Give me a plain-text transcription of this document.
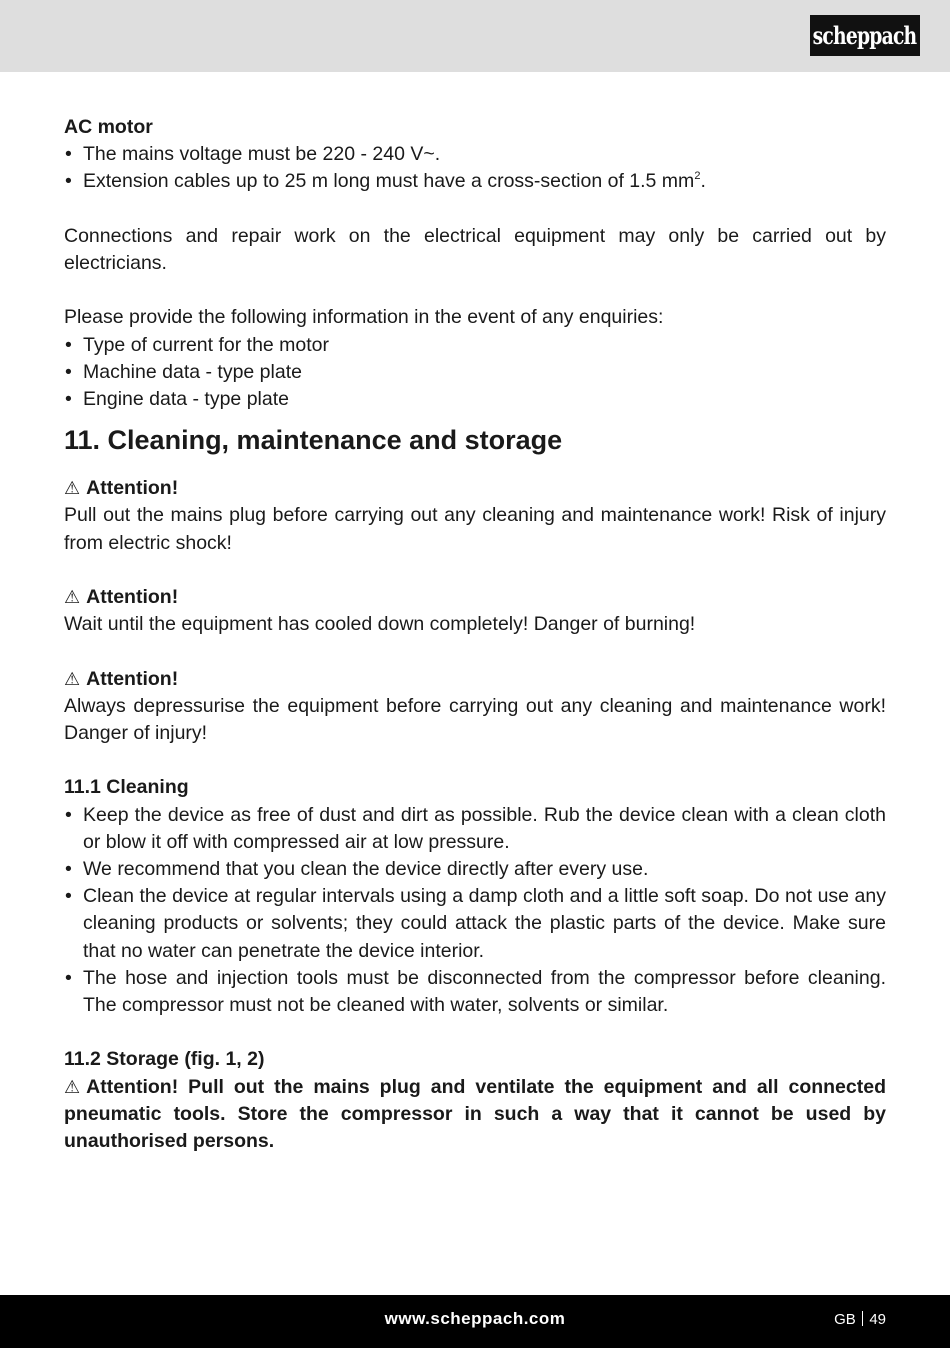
scheppach
AC motor
• The mains voltage must be 220 - 240 V~.
• Extension cables up to 25 m long must have a cross-section of 1.5 $mm^2$.

Connections and repair work on the electrical equipment may only be carried out by electricians.

Please provide the following information in the event of any enquiries:

• Type of current for the motor
• Machine data - type plate
• Engine data - type plate
11. Cleaning, maintenance and storage
⚠ Attention!

Pull out the mains plug before carrying out any cleaning and maintenance work! Risk of injury from electric shock!

⚠ Attention!

Wait until the equipment has cooled down completely! Danger of burning!

⚠ Attention!

Always depressurise the equipment before carrying out any cleaning and maintenance work! Danger of injury!

11.1 Cleaning
• Keep the device as free of dust and dirt as possible. Rub the device clean with a clean cloth or blow it off with compressed air at low pressure.
• We recommend that you clean the device directly after every use.
• Clean the device at regular intervals using a damp cloth and a little soft soap. Do not use any cleaning products or solvents; they could attack the plastic parts of the device. Make sure that no water can penetrate the device interior.
• The hose and injection tools must be disconnected from the compressor before cleaning. The compressor must not be cleaned with water, solvents or similar.
11.2 Storage (fig. 1, 2)

⚠ Attention! Pull out the mains plug and ventilate the equipment and all connected pneumatic tools. Store the compressor in such a way that it cannot be used by unauthorised persons.

www.scheppach.com	GB 49
